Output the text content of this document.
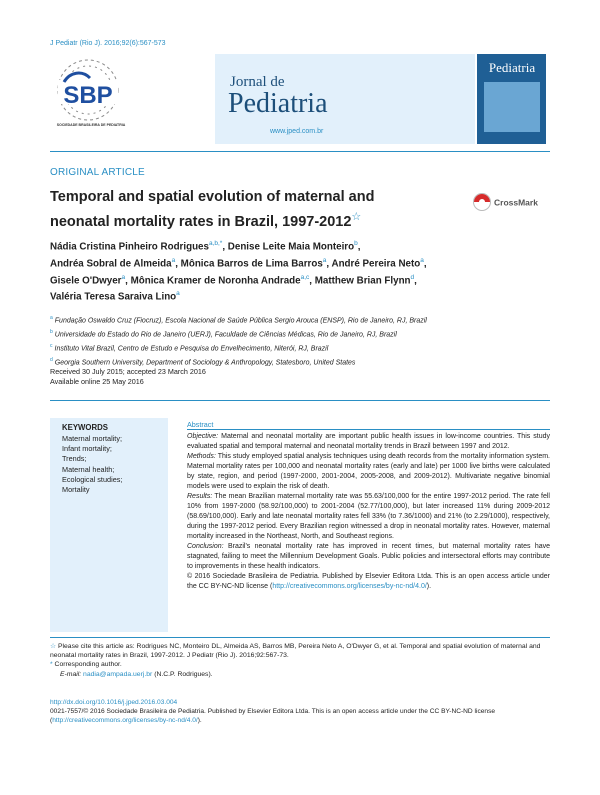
J Pediatr (Rio J). 2016;92(6):567-573
SBP
SOCIEDADE BRASILEIRA DE PEDIATRIA
Jornal de
Pediatria
www.jped.com.br
Pediatria
ORIGINAL ARTICLE
Temporal and spatial evolution of maternal and
neonatal mortality rates in Brazil, 1997-2012☆
CrossMark
Nádia Cristina Pinheiro Rodrigues$^{a,b,*}$, Denise Leite Maia Monteiro$^b$,
Andréa Sobral de Almeida$^a$, Mônica Barros de Lima Barros$^a$, André Pereira Neto$^a$,
Gisele O'Dwyer$^a$, Mônica Kramer de Noronha Andrade$^{a,c}$, Matthew Brian Flynn$^d$,
Valéria Teresa Saraiva Lino$^a$
$^a$ Fundação Oswaldo Cruz (Fiocruz), Escola Nacional de Saúde Pública Sergio Arouca (ENSP), Rio de Janeiro, RJ, Brazil
$^b$ Universidade do Estado do Rio de Janeiro (UERJ), Faculdade de Ciências Médicas, Rio de Janeiro, RJ, Brazil
$^c$ Instituto Vital Brazil, Centro de Estudo e Pesquisa do Envelhecimento, Niterói, RJ, Brazil
$^d$ Georgia Southern University, Department of Sociology & Anthropology, Statesboro, United States
Received 30 July 2015; accepted 23 March 2016
Available online 25 May 2016
KEYWORDS
Maternal mortality;
Infant mortality;
Trends;
Maternal health;
Ecological studies;
Mortality
Abstract
Objective: Maternal and neonatal mortality are important public health issues in low-income countries. This study evaluated spatial and temporal maternal and neonatal mortality trends in Brazil between 1997 and 2012.
Methods: This study employed spatial analysis techniques using death records from the mortality information system. Maternal mortality rates per 100,000 and neonatal mortality rates (early and late) per 1000 live births were calculated by state, region, and period (1997-2000, 2001-2004, 2005-2008, and 2009-2012). Multivariate negative binomial models were used to explain the risk of death.
Results: The mean Brazilian maternal mortality rate was 55.63/100,000 for the entire 1997-2012 period. The rate fell 10% from 1997-2000 (58.92/100,000) to 2001-2004 (52.77/100,000), but later increased 11% during 2009-2012 (58.69/100,000). Early and late neonatal mortality rates fell 33% (to 7.36/1000) and 21% (to 2.29/1000), respectively, during the 1997-2012 period. Every Brazilian region witnessed a drop in neonatal mortality rates. However, maternal mortality increased in the Northeast, North, and Southeast regions.
Conclusion: Brazil's neonatal mortality rate has improved in recent times, but maternal mortality rates have stagnated, failing to meet the Millennium Development Goals. Public policies and intersectoral efforts may contribute to improvements in these health indicators.
© 2016 Sociedade Brasileira de Pediatria. Published by Elsevier Editora Ltda. This is an open access article under the CC BY-NC-ND license (http://creativecommons.org/licenses/by-nc-nd/4.0/).
☆ Please cite this article as: Rodrigues NC, Monteiro DL, Almeida AS, Barros MB, Pereira Neto A, O'Dwyer G, et al. Temporal and spatial evolution of maternal and neonatal mortality rates in Brazil, 1997-2012. J Pediatr (Rio J). 2016;92:567-73.
* Corresponding author.
E-mail: nadia@ampada.uerj.br (N.C.P. Rodrigues).
http://dx.doi.org/10.1016/j.jped.2016.03.004
0021-7557/© 2016 Sociedade Brasileira de Pediatria. Published by Elsevier Editora Ltda. This is an open access article under the CC BY-NC-ND license (http://creativecommons.org/licenses/by-nc-nd/4.0/).
